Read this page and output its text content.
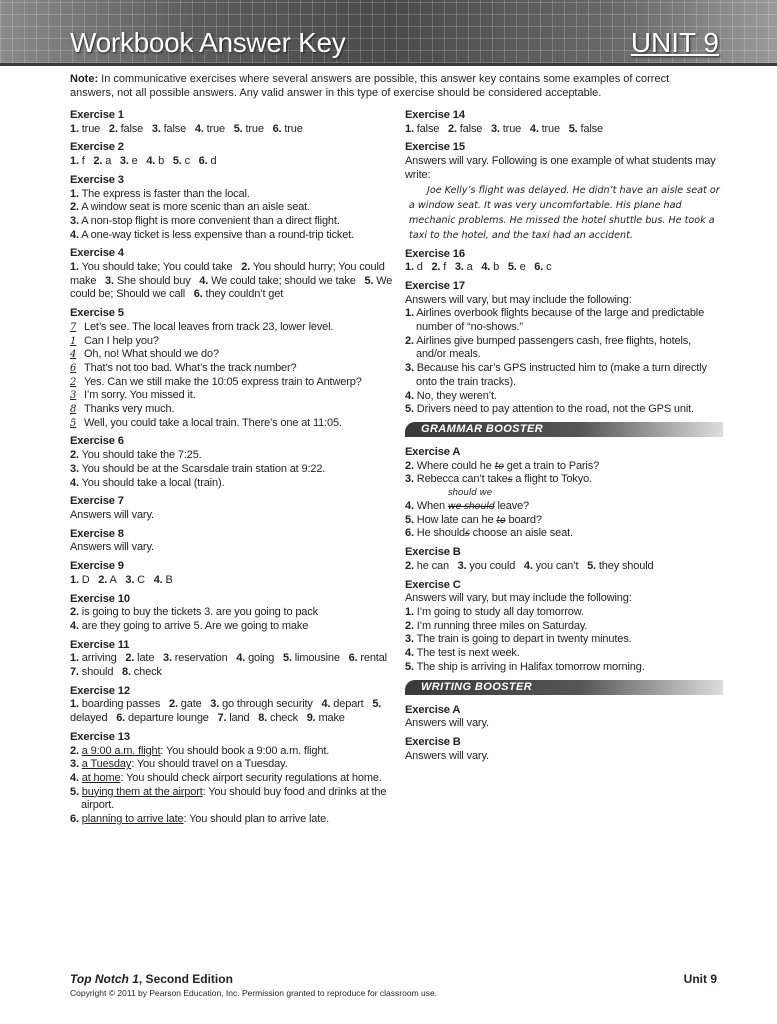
Workbook Answer Key	UNIT 9
Note: In communicative exercises where several answers are possible, this answer key contains some examples of correct answers, not all possible answers. Any valid answer in this type of exercise should be considered acceptable.
Exercise 1
1. true 2. false 3. false 4. true 5. true 6. true
Exercise 2
1. f 2. a 3. e 4. b 5. c 6. d
Exercise 3
1. The express is faster than the local.
2. A window seat is more scenic than an aisle seat.
3. A non-stop flight is more convenient than a direct flight.
4. A one-way ticket is less expensive than a round-trip ticket.
Exercise 4
1. You should take; You could take 2. You should hurry; You could make 3. She should buy 4. We could take; should we take 5. We could be; Should we call 6. they couldn’t get
Exercise 5
7 Let’s see. The local leaves from track 23, lower level.
1 Can I help you?
4 Oh, no! What should we do?
6 That’s not too bad. What’s the track number?
2 Yes. Can we still make the 10:05 express train to Antwerp?
3 I’m sorry. You missed it.
8 Thanks very much.
5 Well, you could take a local train. There’s one at 11:05.
Exercise 6
2. You should take the 7:25.
3. You should be at the Scarsdale train station at 9:22.
4. You should take a local (train).
Exercise 7
Answers will vary.
Exercise 8
Answers will vary.
Exercise 9
1. D 2. A 3. C 4. B
Exercise 10
2. is going to buy the tickets 3. are you going to pack
4. are they going to arrive 5. Are we going to make
Exercise 11
1. arriving 2. late 3. reservation 4. going 5. limousine 6. rental   7. should 8. check
Exercise 12
1. boarding passes 2. gate 3. go through security 4. depart 5. delayed 6. departure lounge 7. land 8. check 9. make
Exercise 13
2. a 9:00 a.m. flight: You should book a 9:00 a.m. flight.
3. a Tuesday: You should travel on a Tuesday.
4. at home: You should check airport security regulations at home.
5. buying them at the airport: You should buy food and drinks at the airport.
6. planning to arrive late: You should plan to arrive late.
Exercise 14
1. false 2. false 3. true 4. true 5. false
Exercise 15
Answers will vary. Following is one example of what students may write:
Joe Kelly’s flight was delayed. He didn’t have an aisle seat or a window seat. It was very uncomfortable. His plane had mechanic problems. He missed the hotel shuttle bus. He took a taxi to the hotel, and the taxi had an accident.
Exercise 16
1. d 2. f 3. a 4. b 5. e 6. c
Exercise 17
Answers will vary, but may include the following:
1. Airlines overbook flights because of the large and predictable number of “no-shows.”
2. Airlines give bumped passengers cash, free flights, hotels, and/or meals.
3. Because his car’s GPS instructed him to (make a turn directly onto the train tracks).
4. No, they weren’t.
5. Drivers need to pay attention to the road, not the GPS unit.
GRAMMAR BOOSTER
Exercise A
2. Where could he to get a train to Paris?
3. Rebecca can’t takes a flight to Tokyo.
4. When
should we
we should leave?
5. How late can he to board?
6. He shoulds choose an aisle seat.
Exercise B
2. he can 3. you could 4. you can’t 5. they should
Exercise C
Answers will vary, but may include the following:
1. I’m going to study all day tomorrow.
2. I’m running three miles on Saturday.
3. The train is going to depart in twenty minutes.
4. The test is next week.
5. The ship is arriving in Halifax tomorrow morning.
WRITING BOOSTER
Exercise A
Answers will vary.
Exercise B
Answers will vary.
Top Notch 1, Second Edition
Copyright © 2011 by Pearson Education, Inc. Permission granted to reproduce for classroom use.
Unit 9
